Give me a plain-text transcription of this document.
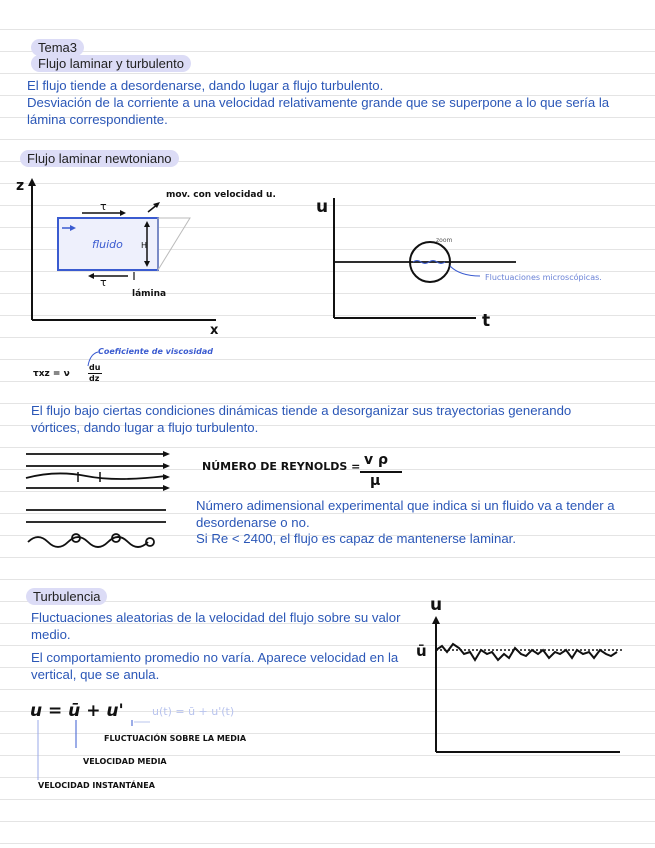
Tema3
Flujo laminar y turbulento
El flujo tiende a desordenarse, dando lugar a flujo turbulento.
Desviación de la corriente a una velocidad relativamente grande que se superpone a lo que sería la lámina correspondiente.
Flujo laminar newtoniano
z
x
τ
mov. con velocidad u.
fluido H
τ
lámina
u
t
zoom
Fluctuaciones microscópicas.
Coeficiente de viscosidad
τxz = ν
du
dz
El flujo bajo ciertas condiciones dinámicas tiende a desorganizar sus trayectorias generando vórtices, dando lugar a flujo turbulento.
NÚMERO DE REYNOLDS = v ρ
μ
Número adimensional experimental que indica si un fluido va a tender a desordenarse o no.
Si Re < 2400, el flujo es capaz de mantenerse laminar.
Turbulencia
Fluctuaciones aleatorias de la velocidad del flujo sobre su valor medio.
El comportamiento promedio no varía. Aparece velocidad en la vertical, que se anula.
u
ū
u = ū + u'	u(t) = ū + u'(t)
FLUCTUACIÓN SOBRE LA MEDIA
VELOCIDAD MEDIA
VELOCIDAD INSTANTÁNEA
